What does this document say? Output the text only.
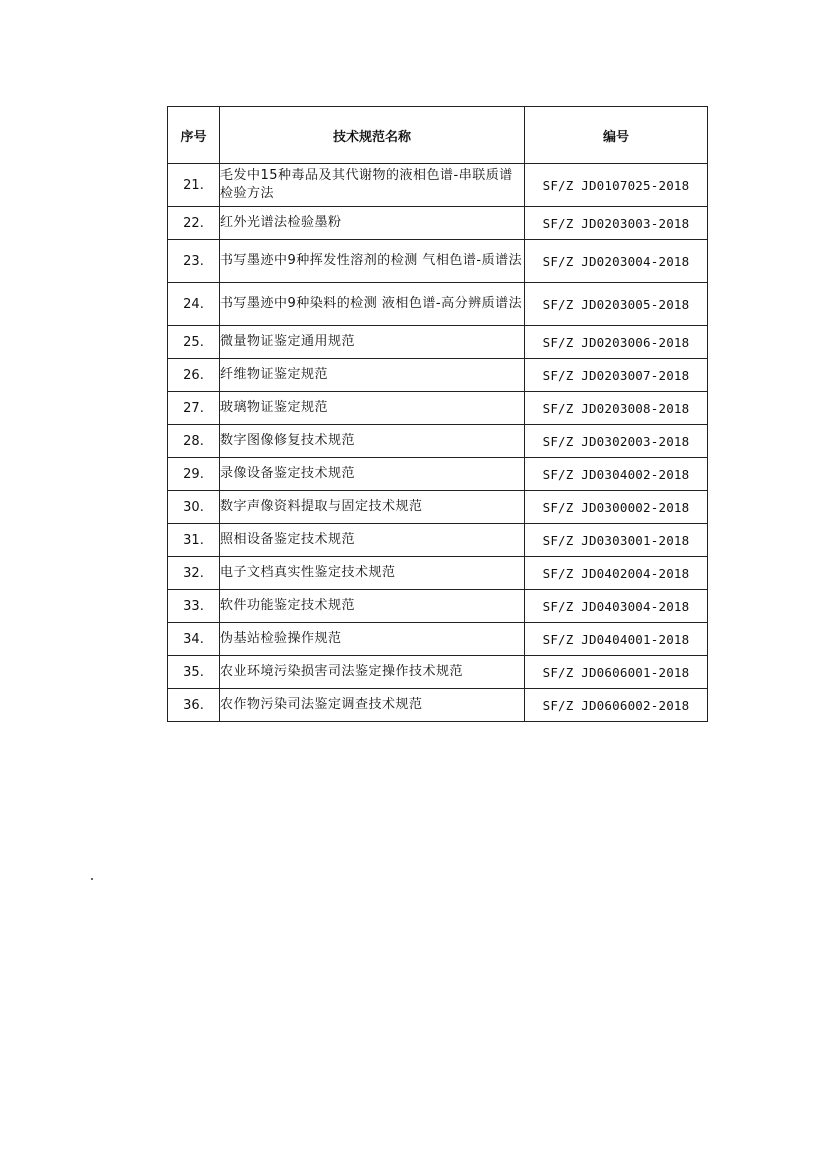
序号	技术规范名称	编号
21.	毛发中15种毒品及其代谢物的液相色谱-串联质谱检验方法	SF/Z JD0107025-2018
22.	红外光谱法检验墨粉	SF/Z JD0203003-2018
23.	书写墨迹中9种挥发性溶剂的检测 气相色谱-质谱法	SF/Z JD0203004-2018
24.	书写墨迹中9种染料的检测 液相色谱-高分辨质谱法	SF/Z JD0203005-2018
25.	微量物证鉴定通用规范	SF/Z JD0203006-2018
26.	纤维物证鉴定规范	SF/Z JD0203007-2018
27.	玻璃物证鉴定规范	SF/Z JD0203008-2018
28.	数字图像修复技术规范	SF/Z JD0302003-2018
29.	录像设备鉴定技术规范	SF/Z JD0304002-2018
30.	数字声像资料提取与固定技术规范	SF/Z JD0300002-2018
31.	照相设备鉴定技术规范	SF/Z JD0303001-2018
32.	电子文档真实性鉴定技术规范	SF/Z JD0402004-2018
33.	软件功能鉴定技术规范	SF/Z JD0403004-2018
34.	伪基站检验操作规范	SF/Z JD0404001-2018
35.	农业环境污染损害司法鉴定操作技术规范	SF/Z JD0606001-2018
36.	农作物污染司法鉴定调查技术规范	SF/Z JD0606002-2018
